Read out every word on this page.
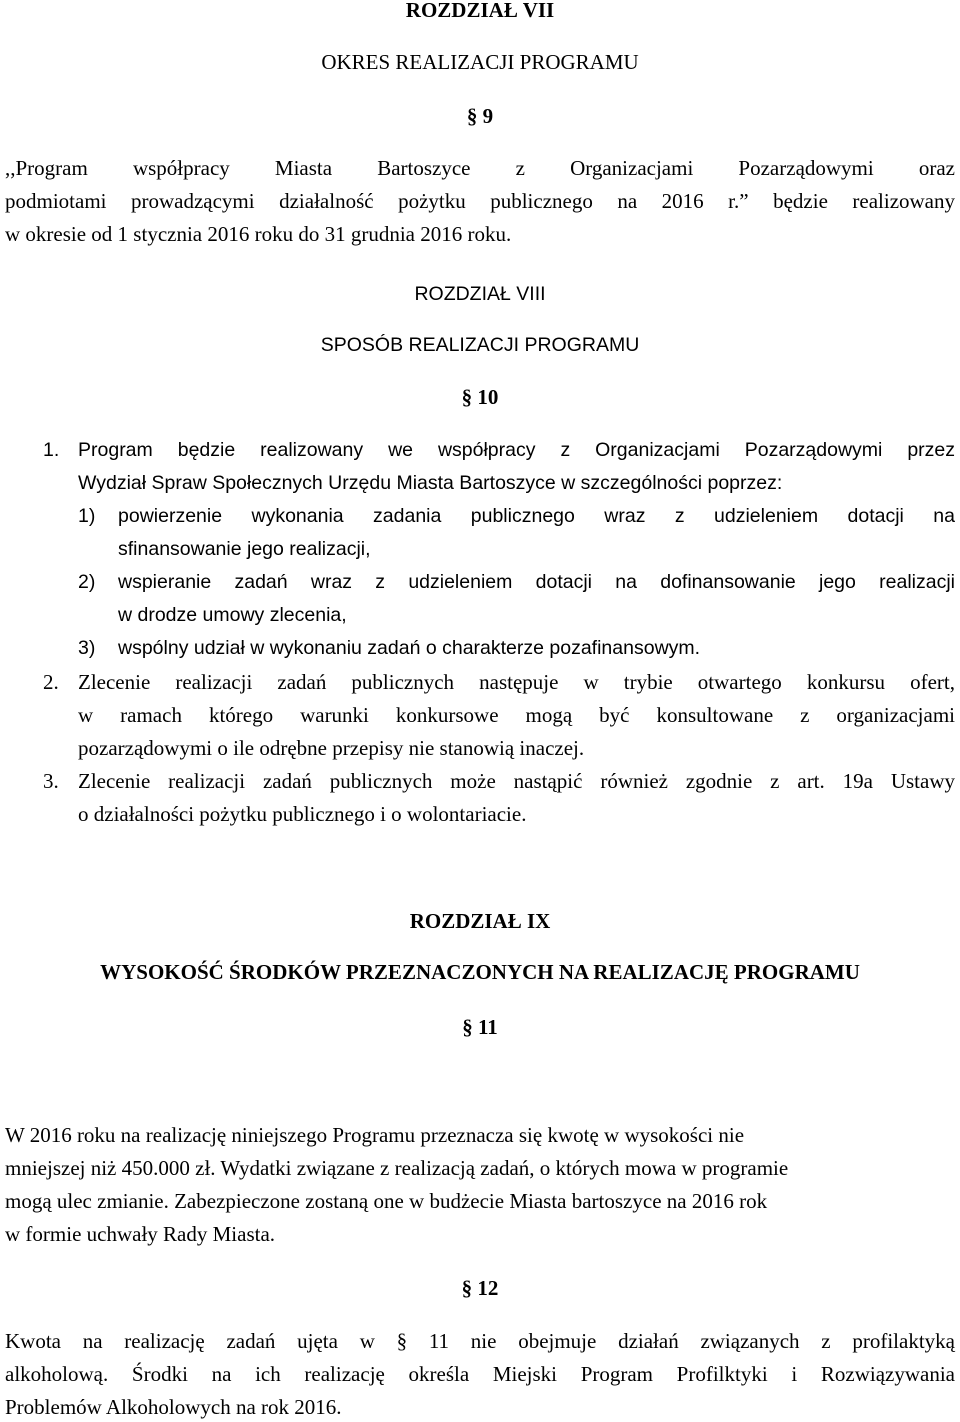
ROZDZIAŁ VII
OKRES REALIZACJI PROGRAMU
§ 9
,,Program współpracy Miasta Bartoszyce z Organizacjami Pozarządowymi oraz
podmiotami prowadzącymi działalność pożytku publicznego na 2016 r.” będzie realizowany
w okresie od 1 stycznia 2016 roku do 31 grudnia 2016 roku.
ROZDZIAŁ VIII
SPOSÓB REALIZACJI PROGRAMU
§ 10
1. Program będzie realizowany we współpracy z Organizacjami Pozarządowymi przez
Wydział Spraw Społecznych Urzędu Miasta Bartoszyce w szczególności poprzez:
1) powierzenie wykonania zadania publicznego wraz z udzieleniem dotacji na
sfinansowanie jego realizacji,
2) wspieranie zadań wraz z udzieleniem dotacji na dofinansowanie jego realizacji
w drodze umowy zlecenia,
3) wspólny udział w wykonaniu zadań o charakterze pozafinansowym.
2. Zlecenie realizacji zadań publicznych następuje w trybie otwartego konkursu ofert,
w ramach którego warunki konkursowe mogą być konsultowane z organizacjami
pozarządowymi o ile odrębne przepisy nie stanowią inaczej.
3. Zlecenie realizacji zadań publicznych może nastąpić również zgodnie z art. 19a Ustawy
o działalności pożytku publicznego i o wolontariacie.
ROZDZIAŁ IX
WYSOKOŚĆ ŚRODKÓW PRZEZNACZONYCH NA REALIZACJĘ PROGRAMU
§ 11
W 2016 roku na realizację niniejszego Programu przeznacza się kwotę w wysokości nie
mniejszej niż 450.000 zł. Wydatki związane z realizacją zadań, o których mowa w programie
mogą ulec zmianie. Zabezpieczone zostaną one w budżecie Miasta bartoszyce na 2016 rok
w formie uchwały Rady Miasta.
§ 12
Kwota na realizację zadań ujęta w § 11 nie obejmuje działań związanych z profilaktyką
alkoholową. Środki na ich realizację określa Miejski Program Profilktyki i Rozwiązywania
Problemów Alkoholowych na rok 2016.
